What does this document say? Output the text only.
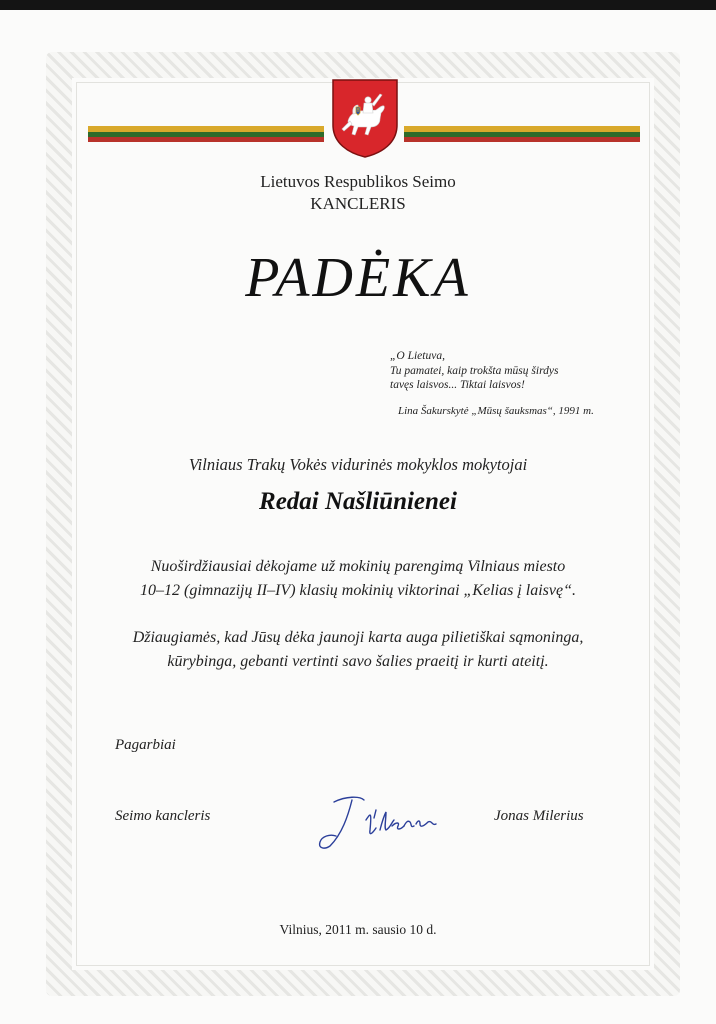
Lietuvos Respublikos Seimo
KANCLERIS
PADĖKA
„O Lietuva,
Tu pamatei, kaip trokšta mūsų širdys
tavęs laisvos... Tiktai laisvos!
Lina Šakurskytė „Mūsų šauksmas“, 1991 m.
Vilniaus Trakų Vokės vidurinės mokyklos mokytojai
Redai Našliūnienei
Nuoširdžiausiai dėkojame už mokinių parengimą Vilniaus miesto
10–12 (gimnazijų II–IV) klasių mokinių viktorinai „Kelias į laisvę“.
Džiaugiamės, kad Jūsų dėka jaunoji karta auga pilietiškai sąmoninga,
kūrybinga, gebanti vertinti savo šalies praeitį ir kurti ateitį.
Pagarbiai
Seimo kancleris	Jonas Milerius
Vilnius, 2011 m. sausio 10 d.
